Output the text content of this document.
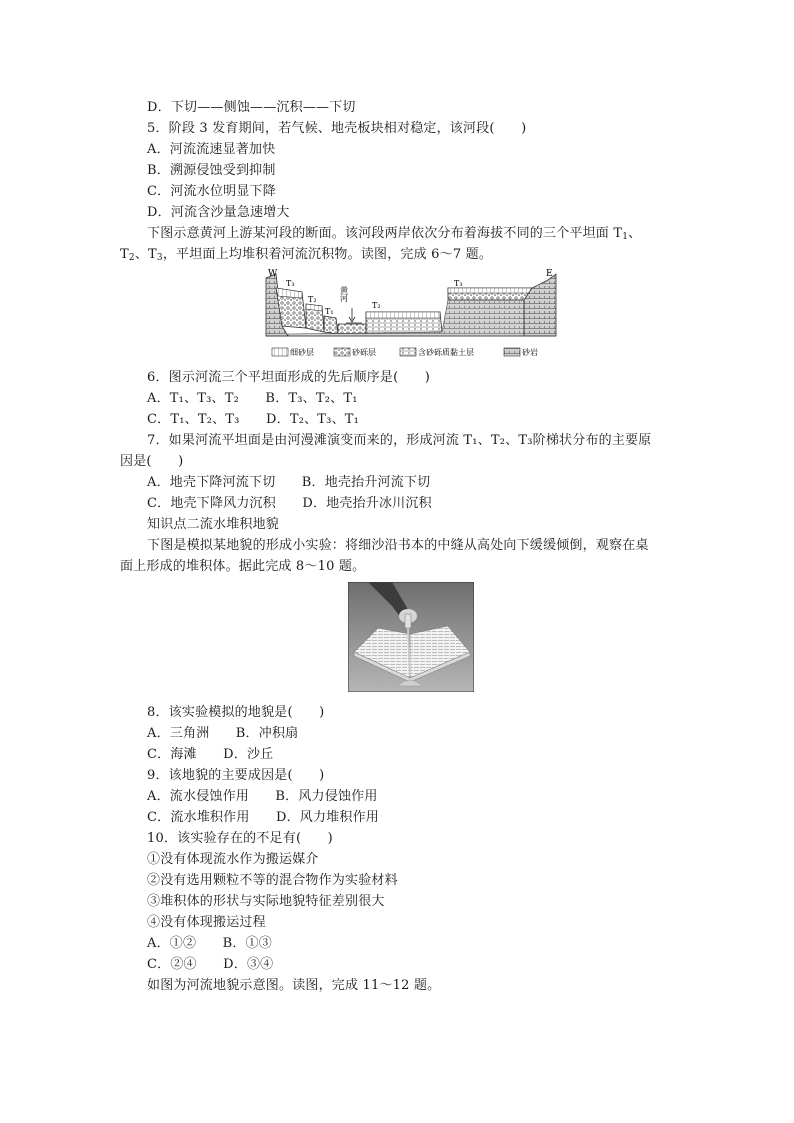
D．下切——侧蚀——沉积——下切
5．阶段 3 发育期间，若气候、地壳板块相对稳定，该河段(　　)
A．河流流速显著加快
B．溯源侵蚀受到抑制
C．河流水位明显下降
D．河流含沙量急速增大
下图示意黄河上游某河段的断面。该河段两岸依次分布着海拔不同的三个平坦面 $T_1$、
$T_2$、$T_3$，平坦面上均堆积着河流沉积物。读图，完成 6～7 题。
W	E
T₃
T₂
T₁
T₂
T₃
黄河
细砂层	砂砾层	含砂砾质黏土层	砂岩
6．图示河流三个平坦面形成的先后顺序是(　　)
A．T₁、T₃、T₂　　B．T₃、T₂、T₁
C．T₁、T₂、T₃　　D．T₂、T₃、T₁
7．如果河流平坦面是由河漫滩演变而来的，形成河流 T₁、T₂、T₃阶梯状分布的主要原
因是(　　)
A．地壳下降河流下切　　B．地壳抬升河流下切
C．地壳下降风力沉积　　D．地壳抬升冰川沉积
知识点二流水堆积地貌
下图是模拟某地貌的形成小实验：将细沙沿书本的中缝从高处向下缓缓倾倒，观察在桌
面上形成的堆积体。据此完成 8～10 题。
8．该实验模拟的地貌是(　　)
A．三角洲　　B．冲积扇
C．海滩　　D．沙丘
9．该地貌的主要成因是(　　)
A．流水侵蚀作用　　B．风力侵蚀作用
C．流水堆积作用　　D．风力堆积作用
10．该实验存在的不足有(　　)
①没有体现流水作为搬运媒介
②没有选用颗粒不等的混合物作为实验材料
③堆积体的形状与实际地貌特征差别很大
④没有体现搬运过程
A．①②　　B．①③
C．②④　　D．③④
如图为河流地貌示意图。读图，完成 11～12 题。
